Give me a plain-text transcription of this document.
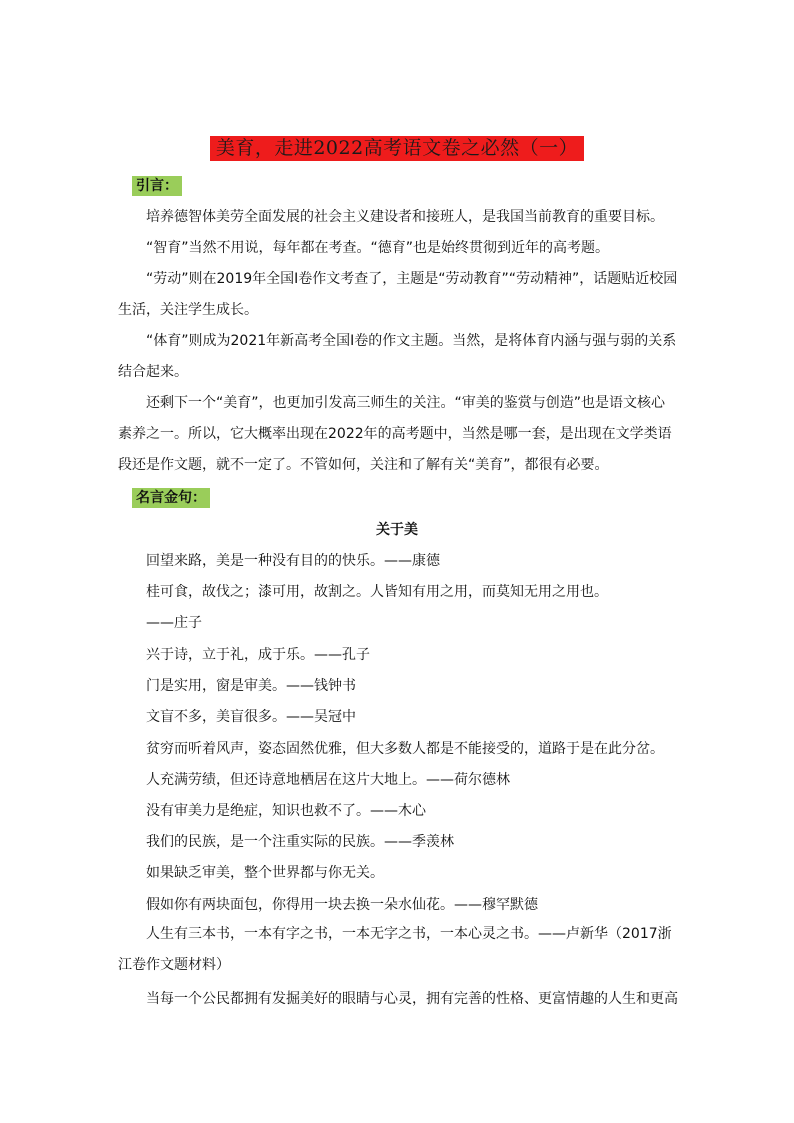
美育，走进2022高考语文卷之必然（一）
引言：

培养德智体美劳全面发展的社会主义建设者和接班人，是我国当前教育的重要目标。

“智育”当然不用说，每年都在考查。“德育”也是始终贯彻到近年的高考题。

“劳动”则在2019年全国Ⅰ卷作文考查了，主题是“劳动教育”“劳动精神”，话题贴近校园生活，关注学生成长。

“体育”则成为2021年新高考全国Ⅰ卷的作文主题。当然，是将体育内涵与强与弱的关系结合起来。

还剩下一个“美育”，也更加引发高三师生的关注。“审美的鉴赏与创造”也是语文核心素养之一。所以，它大概率出现在2022年的高考题中，当然是哪一套，是出现在文学类语段还是作文题，就不一定了。不管如何，关注和了解有关“美育”，都很有必要。

名言金句：
关于美
回望来路，美是一种没有目的的快乐。——康德
桂可食，故伐之；漆可用，故割之。人皆知有用之用，而莫知无用之用也。
——庄子
兴于诗，立于礼，成于乐。——孔子
门是实用，窗是审美。——钱钟书
文盲不多，美盲很多。——吴冠中
贫穷而听着风声，姿态固然优雅，但大多数人都是不能接受的，道路于是在此分岔。
人充满劳绩，但还诗意地栖居在这片大地上。——荷尔德林
没有审美力是绝症，知识也救不了。——木心
我们的民族，是一个注重实际的民族。——季羡林
如果缺乏审美，整个世界都与你无关。
假如你有两块面包，你得用一块去换一朵水仙花。——穆罕默德
人生有三本书，一本有字之书，一本无字之书，一本心灵之书。——卢新华（2017浙江卷作文题材料）
当每一个公民都拥有发掘美好的眼睛与心灵，拥有完善的性格、更富情趣的人生和更高
